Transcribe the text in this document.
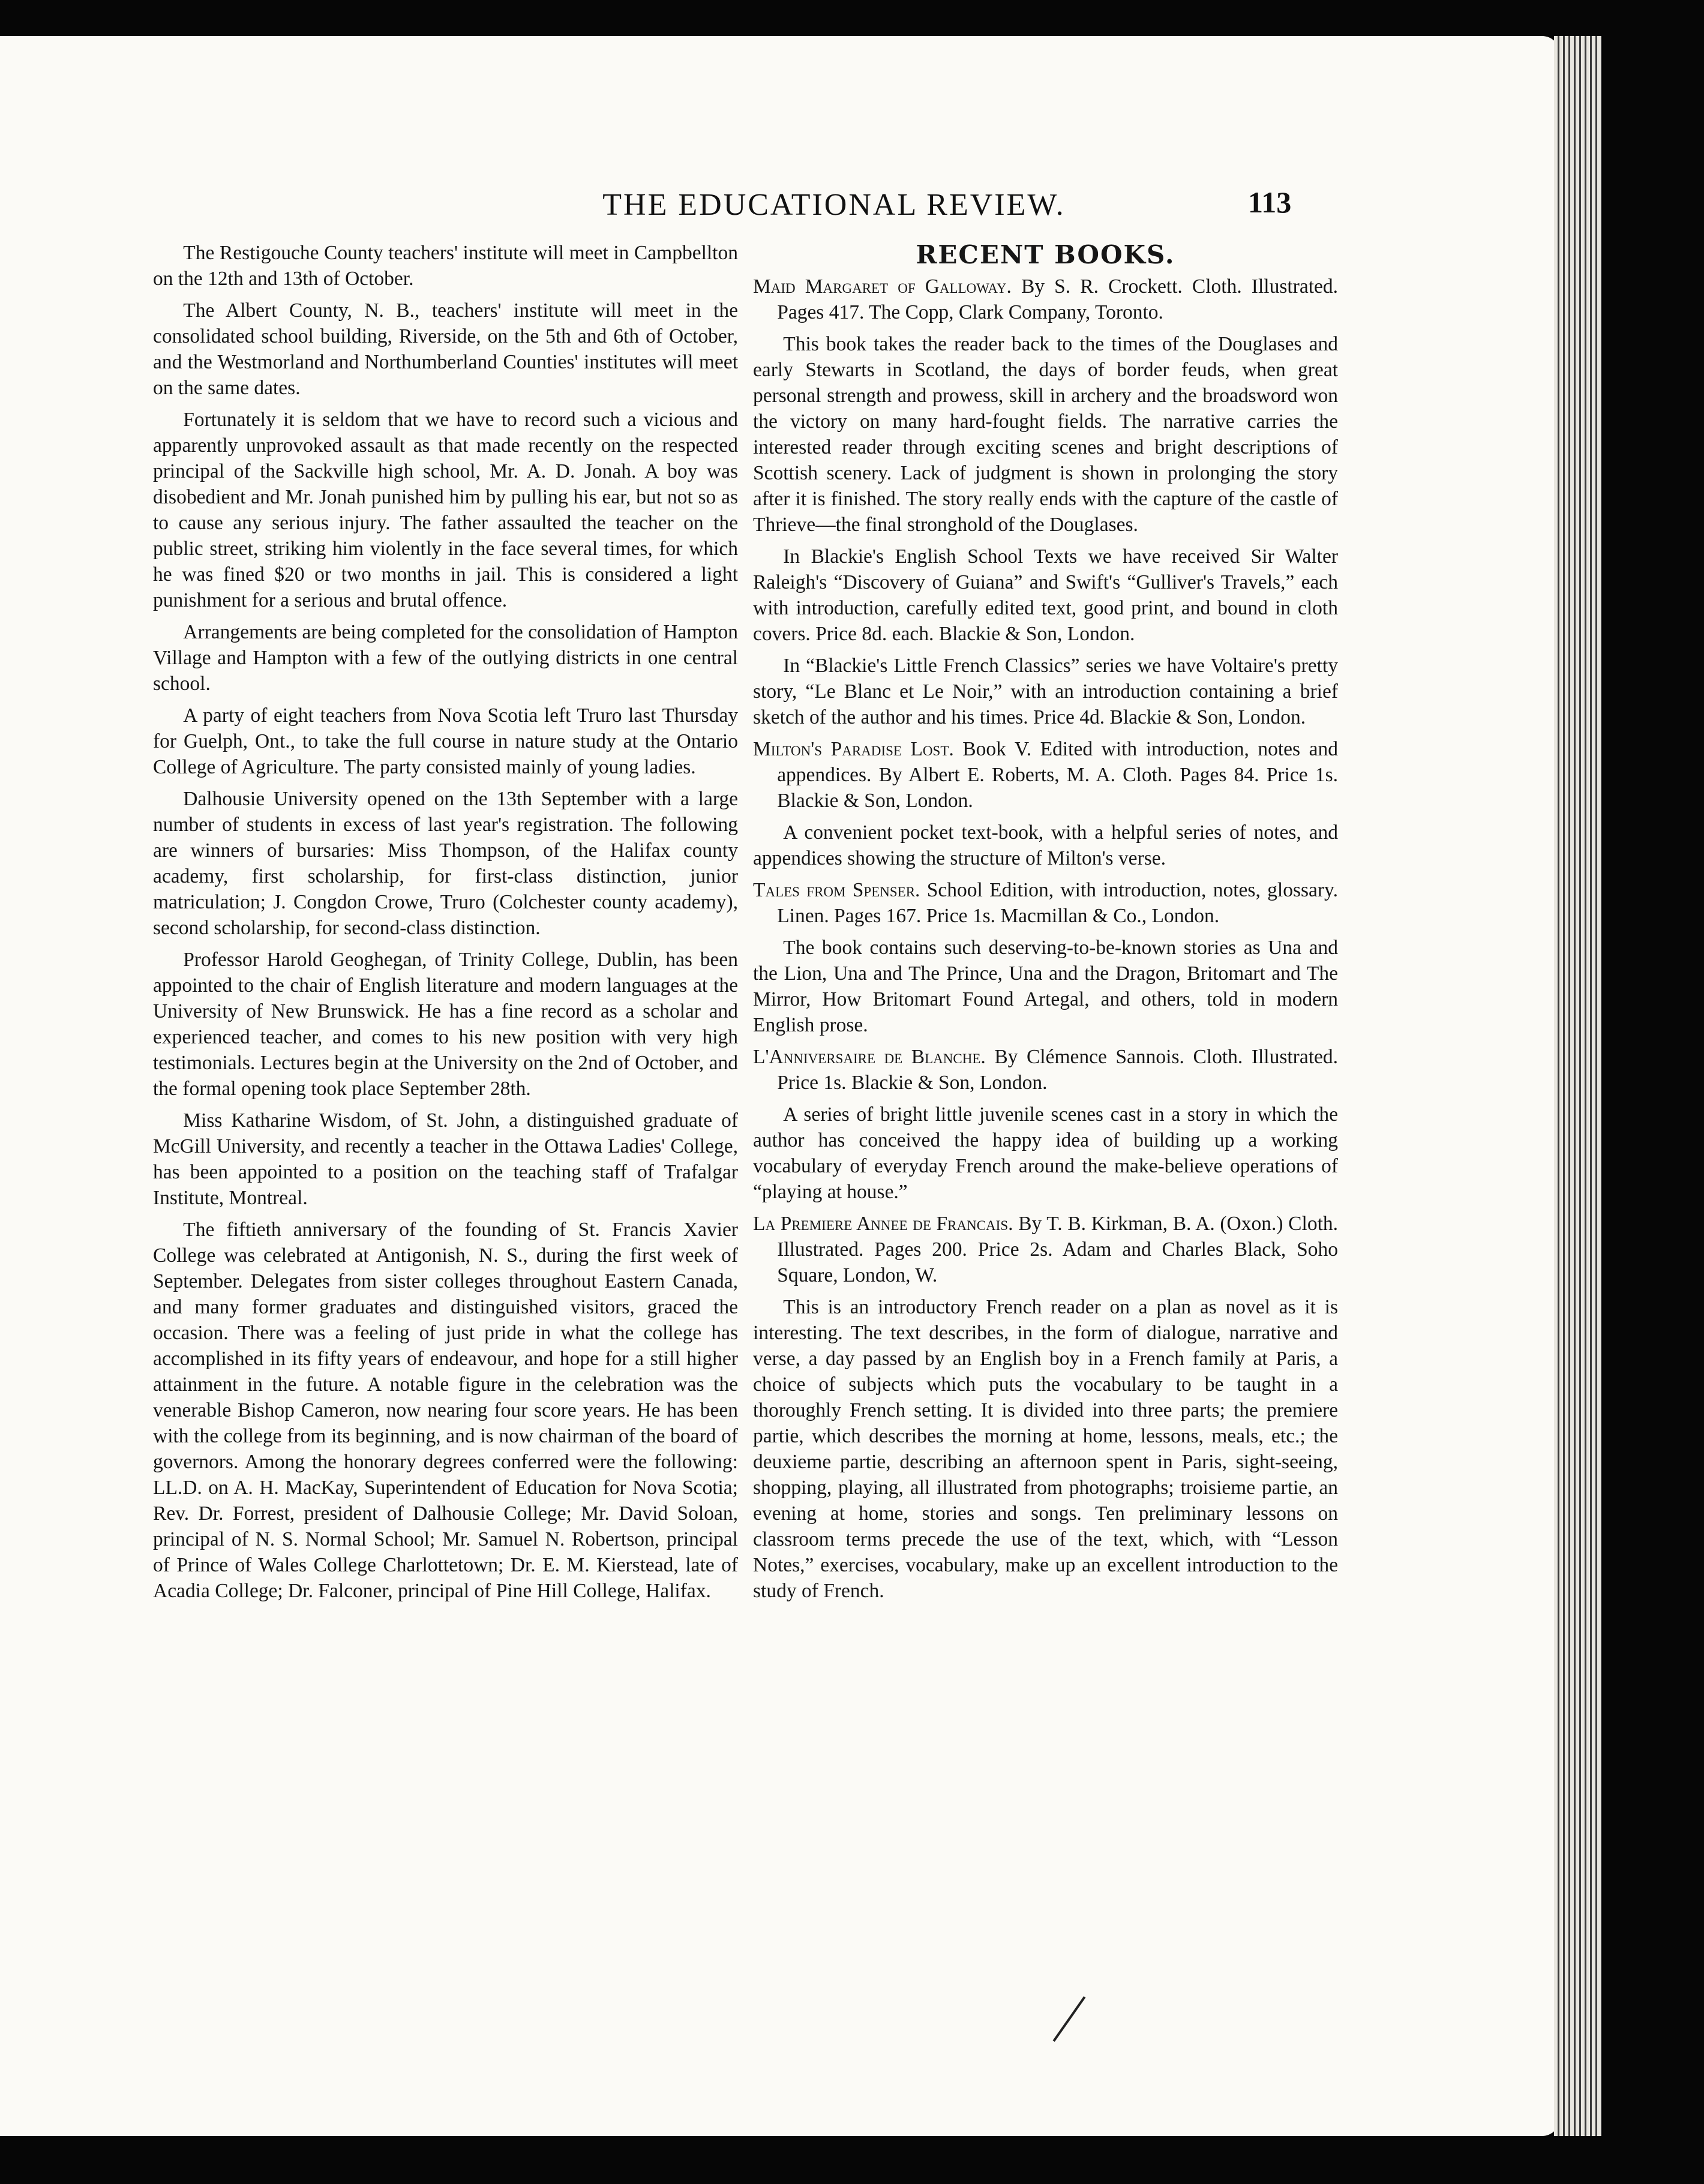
THE EDUCATIONAL REVIEW.	113

The Restigouche County teachers' institute will meet in Campbellton on the 12th and 13th of October.

The Albert County, N. B., teachers' institute will meet in the consolidated school building, Riverside, on the 5th and 6th of October, and the Westmorland and Northumberland Counties' institutes will meet on the same dates.

Fortunately it is seldom that we have to record such a vicious and apparently unprovoked assault as that made recently on the respected principal of the Sackville high school, Mr. A. D. Jonah. A boy was disobedient and Mr. Jonah punished him by pulling his ear, but not so as to cause any serious injury. The father assaulted the teacher on the public street, striking him violently in the face several times, for which he was fined $20 or two months in jail. This is considered a light punishment for a serious and brutal offence.

Arrangements are being completed for the consolidation of Hampton Village and Hampton with a few of the outlying districts in one central school.

A party of eight teachers from Nova Scotia left Truro last Thursday for Guelph, Ont., to take the full course in nature study at the Ontario College of Agriculture. The party consisted mainly of young ladies.

Dalhousie University opened on the 13th September with a large number of students in excess of last year's registration. The following are winners of bursaries: Miss Thompson, of the Halifax county academy, first scholarship, for first-class distinction, junior matriculation; J. Congdon Crowe, Truro (Colchester county academy), second scholarship, for second-class distinction.

Professor Harold Geoghegan, of Trinity College, Dublin, has been appointed to the chair of English literature and modern languages at the University of New Brunswick. He has a fine record as a scholar and experienced teacher, and comes to his new position with very high testimonials. Lectures begin at the University on the 2nd of October, and the formal opening took place September 28th.

Miss Katharine Wisdom, of St. John, a distinguished graduate of McGill University, and recently a teacher in the Ottawa Ladies' College, has been appointed to a position on the teaching staff of Trafalgar Institute, Montreal.

The fiftieth anniversary of the founding of St. Francis Xavier College was celebrated at Antigonish, N. S., during the first week of September. Delegates from sister colleges throughout Eastern Canada, and many former graduates and distinguished visitors, graced the occasion. There was a feeling of just pride in what the college has accomplished in its fifty years of endeavour, and hope for a still higher attainment in the future. A notable figure in the celebration was the venerable Bishop Cameron, now nearing four score years. He has been with the college from its beginning, and is now chairman of the board of governors. Among the honorary degrees conferred were the following: LL.D. on A. H. MacKay, Superintendent of Education for Nova Scotia; Rev. Dr. Forrest, president of Dalhousie College; Mr. David Soloan, principal of N. S. Normal School; Mr. Samuel N. Robertson, principal of Prince of Wales College Charlottetown; Dr. E. M. Kierstead, late of Acadia College; Dr. Falconer, principal of Pine Hill College, Halifax.

RECENT BOOKS.

Maid Margaret of Galloway. By S. R. Crockett. Cloth. Illustrated. Pages 417. The Copp, Clark Company, Toronto.

This book takes the reader back to the times of the Douglases and early Stewarts in Scotland, the days of border feuds, when great personal strength and prowess, skill in archery and the broadsword won the victory on many hard-fought fields. The narrative carries the interested reader through exciting scenes and bright descriptions of Scottish scenery. Lack of judgment is shown in prolonging the story after it is finished. The story really ends with the capture of the castle of Thrieve—the final stronghold of the Douglases.

In Blackie's English School Texts we have received Sir Walter Raleigh's “Discovery of Guiana” and Swift's “Gulliver's Travels,” each with introduction, carefully edited text, good print, and bound in cloth covers. Price 8d. each. Blackie & Son, London.

In “Blackie's Little French Classics” series we have Voltaire's pretty story, “Le Blanc et Le Noir,” with an introduction containing a brief sketch of the author and his times. Price 4d. Blackie & Son, London.

Milton's Paradise Lost. Book V. Edited with introduction, notes and appendices. By Albert E. Roberts, M. A. Cloth. Pages 84. Price 1s. Blackie & Son, London.

A convenient pocket text-book, with a helpful series of notes, and appendices showing the structure of Milton's verse.

Tales from Spenser. School Edition, with introduction, notes, glossary. Linen. Pages 167. Price 1s. Macmillan & Co., London.

The book contains such deserving-to-be-known stories as Una and the Lion, Una and The Prince, Una and the Dragon, Britomart and The Mirror, How Britomart Found Artegal, and others, told in modern English prose.

L'Anniversaire de Blanche. By Clémence Sannois. Cloth. Illustrated. Price 1s. Blackie & Son, London.

A series of bright little juvenile scenes cast in a story in which the author has conceived the happy idea of building up a working vocabulary of everyday French around the make-believe operations of “playing at house.”

La Premiere Annee de Francais. By T. B. Kirkman, B. A. (Oxon.) Cloth. Illustrated. Pages 200. Price 2s. Adam and Charles Black, Soho Square, London, W.

This is an introductory French reader on a plan as novel as it is interesting. The text describes, in the form of dialogue, narrative and verse, a day passed by an English boy in a French family at Paris, a choice of subjects which puts the vocabulary to be taught in a thoroughly French setting. It is divided into three parts; the premiere partie, which describes the morning at home, lessons, meals, etc.; the deuxieme partie, describing an afternoon spent in Paris, sight-seeing, shopping, playing, all illustrated from photographs; troisieme partie, an evening at home, stories and songs. Ten preliminary lessons on classroom terms precede the use of the text, which, with “Lesson Notes,” exercises, vocabulary, make up an excellent introduction to the study of French.
